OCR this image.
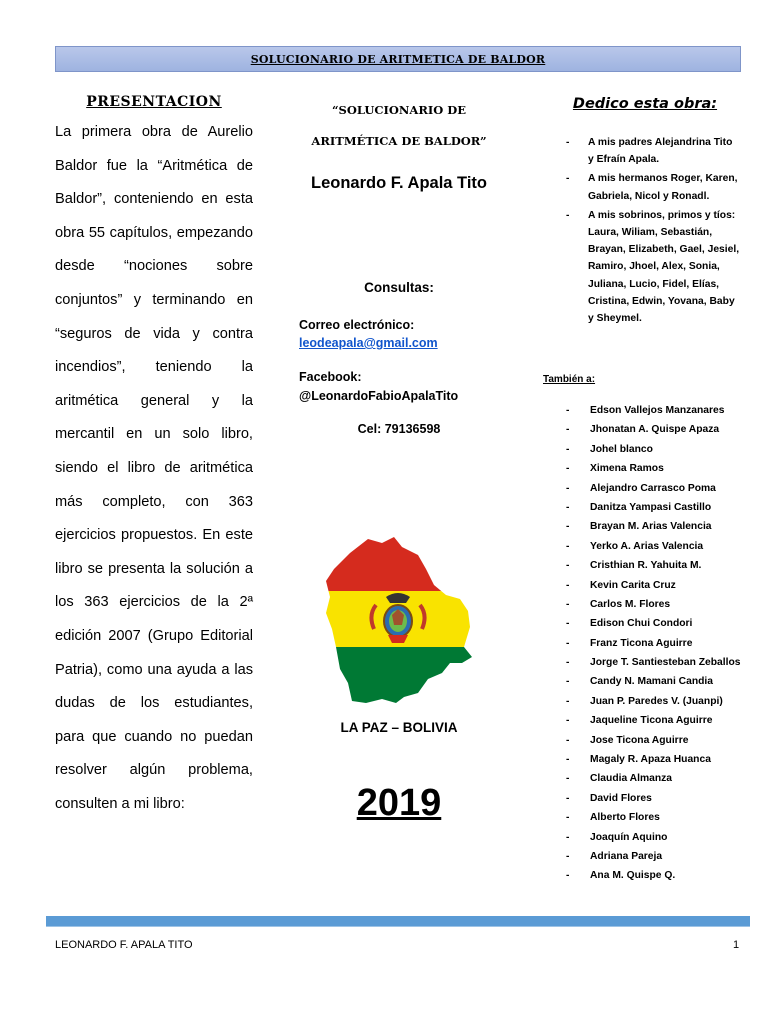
SOLUCIONARIO DE ARITMETICA DE BALDOR

PRESENTACION

La primera obra de Aurelio Baldor fue la “Aritmética de Baldor”, conteniendo en esta obra 55 capítulos, empezando desde “nociones sobre conjuntos” y terminando en “seguros de vida y contra incendios”, teniendo la aritmética general y la mercantil en un solo libro, siendo el libro de aritmética más completo, con 363 ejercicios propuestos. En este libro se presenta la solución a los 363 ejercicios de la 2ª edición 2007 (Grupo Editorial Patria), como una ayuda a las dudas de los estudiantes, para que cuando no puedan resolver algún problema, consulten a mi libro:

“SOLUCIONARIO DE

ARITMÉTICA DE BALDOR”

Leonardo F. Apala Tito

Consultas:
Correo electrónico:
leodeapala@gmail.com
Facebook:
@LeonardoFabioApalaTito
Cel: 79136598
LA PAZ – BOLIVIA
2019

Dedico esta obra:

- A mis padres Alejandrina Tito y Efraín Apala.
- A mis hermanos Roger, Karen, Gabriela, Nicol y Ronadl.
- A mis sobrinos, primos y tíos: Laura, Wiliam, Sebastián, Brayan, Elizabeth, Gael, Jesiel, Ramiro, Jhoel, Alex, Sonia, Juliana, Lucio, Fidel, Elías, Cristina, Edwin, Yovana, Baby y Sheymel.
También a:
- Edson Vallejos Manzanares
- Jhonatan A. Quispe Apaza
- Johel blanco
- Ximena Ramos
- Alejandro Carrasco Poma
- Danitza Yampasi Castillo
- Brayan M. Arias Valencia
- Yerko A. Arias Valencia
- Cristhian R. Yahuita M.
- Kevin Carita Cruz
- Carlos M. Flores
- Edison Chui Condori
- Franz Ticona Aguirre
- Jorge T. Santiesteban Zeballos
- Candy N. Mamani Candia
- Juan P. Paredes V. (Juanpi)
- Jaqueline Ticona Aguirre
- Jose Ticona Aguirre
- Magaly R. Apaza Huanca
- Claudia Almanza
- David Flores
- Alberto Flores
- Joaquín Aquino
- Adriana Pareja
- Ana M. Quispe Q.
LEONARDO F. APALA TITO	1
